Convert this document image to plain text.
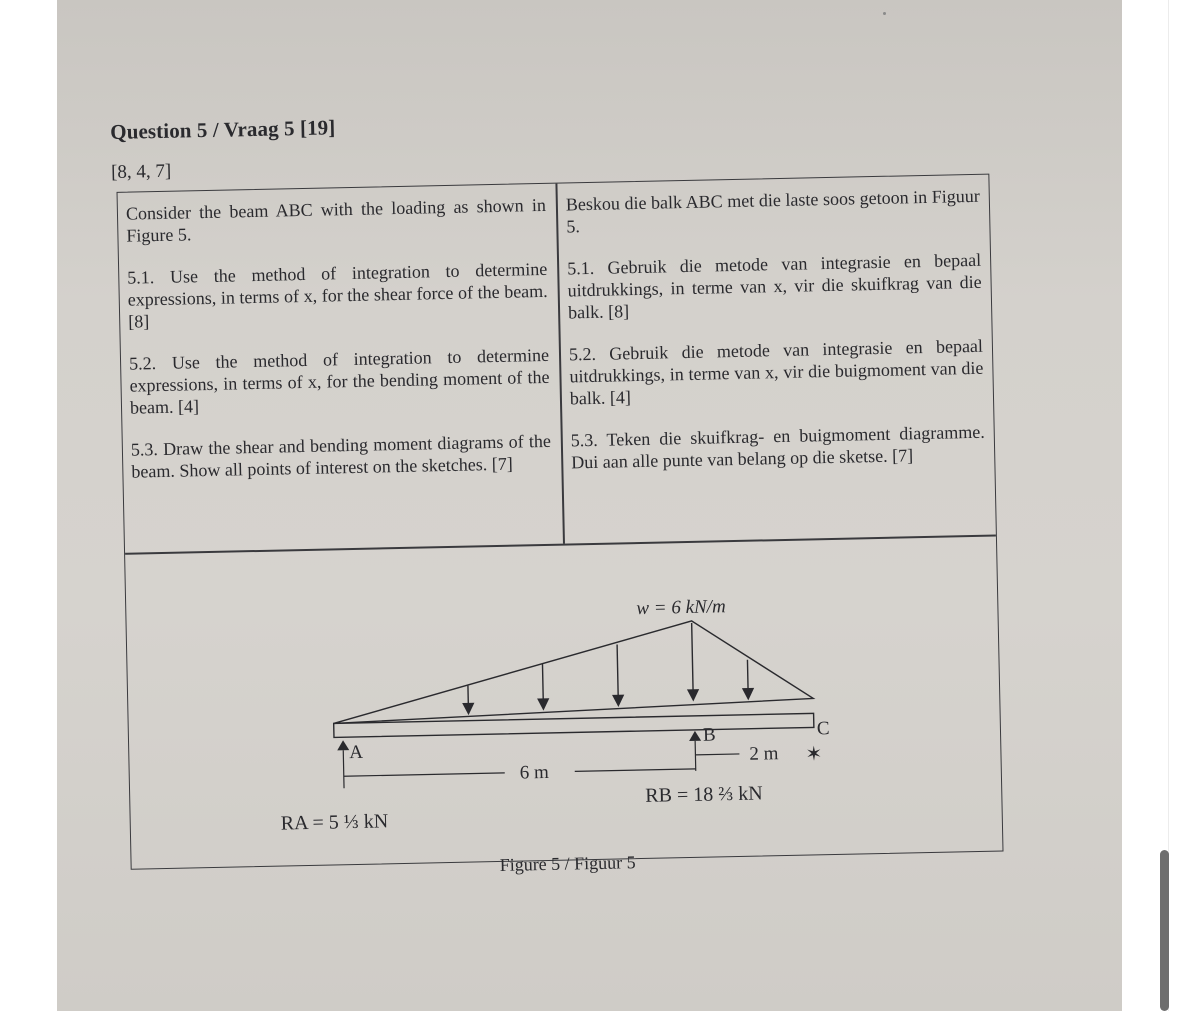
Question 5 / Vraag 5 [19]
[8, 4, 7]

Consider the beam ABC with the loading as shown in Figure 5.

5.1. Use the method of integration to determine expressions, in terms of x, for the shear force of the beam. [8]

5.2. Use the method of integration to determine expressions, in terms of x, for the bending moment of the beam. [4]

5.3. Draw the shear and bending moment diagrams of the beam. Show all points of interest on the sketches. [7]

Beskou die balk ABC met die laste soos getoon in Figuur 5.

5.1. Gebruik die metode van integrasie en bepaal uitdrukkings, in terme van x, vir die skuifkrag van die balk. [8]

5.2. Gebruik die metode van integrasie en bepaal uitdrukkings, in terme van x, vir die buigmoment van die balk. [4]

5.3. Teken die skuifkrag- en buigmoment diagramme. Dui aan alle punte van belang op die sketse. [7]

w = 6 kN/m
A
B	C
6 m
2 m ✶
RA = 5 ⅓ kN
RB = 18 ⅔ kN
Figure 5 / Figuur 5
